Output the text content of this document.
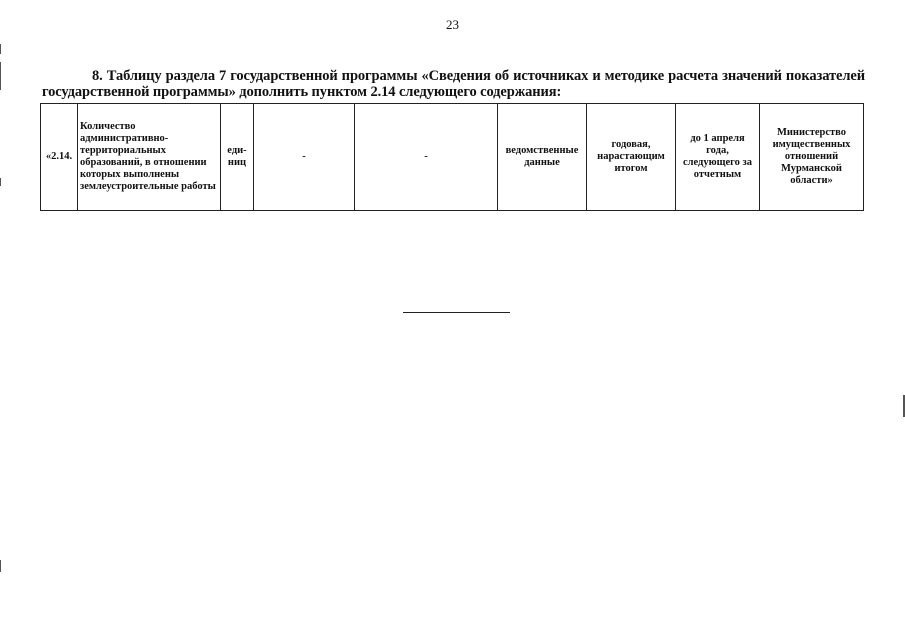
23

8. Таблицу раздела 7 государственной программы «Сведения об источниках и методике расчета значений показателей государственной программы» дополнить пунктом 2.14 следующего содержания:

«2.14.	Количество административно-территориальных образований, в отношении которых выполнены землеустроительные работы	еди-ниц	-	-	ведомственные данные	годовая, нарастающим итогом	до 1 апреля года, следующего за отчетным	Министерство имущественных отношений Мурманской области»
